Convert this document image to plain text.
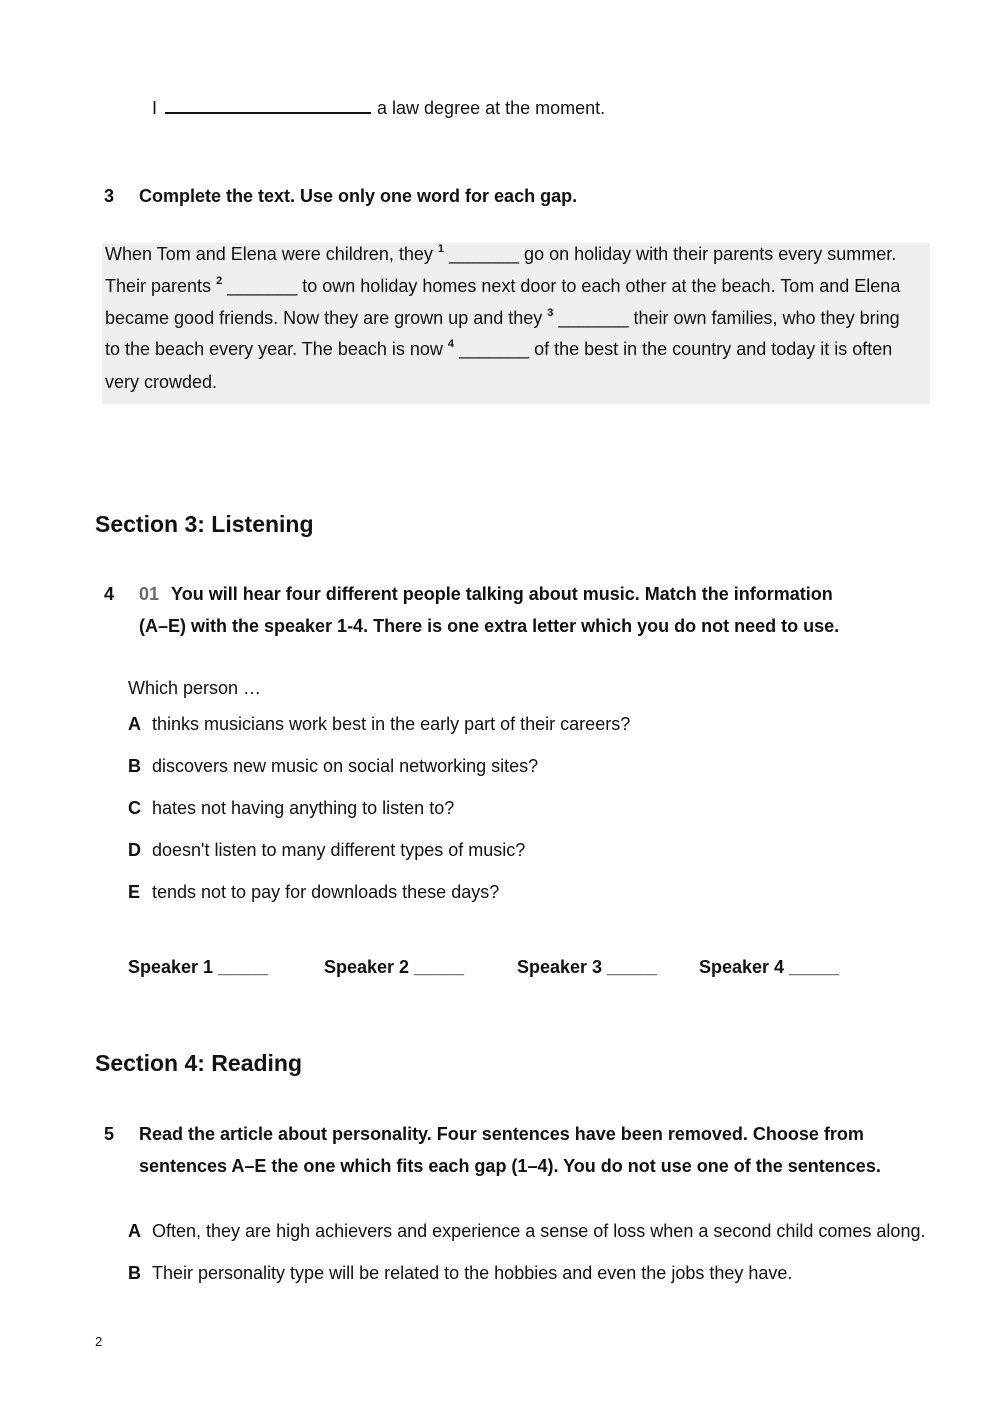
I	a law degree at the moment.
3 Complete the text. Use only one word for each gap.
When Tom and Elena were children, they $^1$ _______ go on holiday with their parents every summer.
Their parents $^2$ _______ to own holiday homes next door to each other at the beach. Tom and Elena
became good friends. Now they are grown up and they $^3$ _______ their own families, who they bring
to the beach every year. The beach is now $^4$ _______ of the best in the country and today it is often
very crowded.
Section 3: Listening
4 01 You will hear four different people talking about music. Match the information
(A–E) with the speaker 1-4. There is one extra letter which you do not need to use.
Which person …
A thinks musicians work best in the early part of their careers?
B discovers new music on social networking sites?
C hates not having anything to listen to?
D doesn't listen to many different types of music?
E tends not to pay for downloads these days?
Speaker 1 _____	Speaker 2 _____	Speaker 3 _____ Speaker 4 _____
Section 4: Reading
5 Read the article about personality. Four sentences have been removed. Choose from
sentences A–E the one which fits each gap (1–4). You do not use one of the sentences.
A Often, they are high achievers and experience a sense of loss when a second child comes along.
B Their personality type will be related to the hobbies and even the jobs they have.
2
